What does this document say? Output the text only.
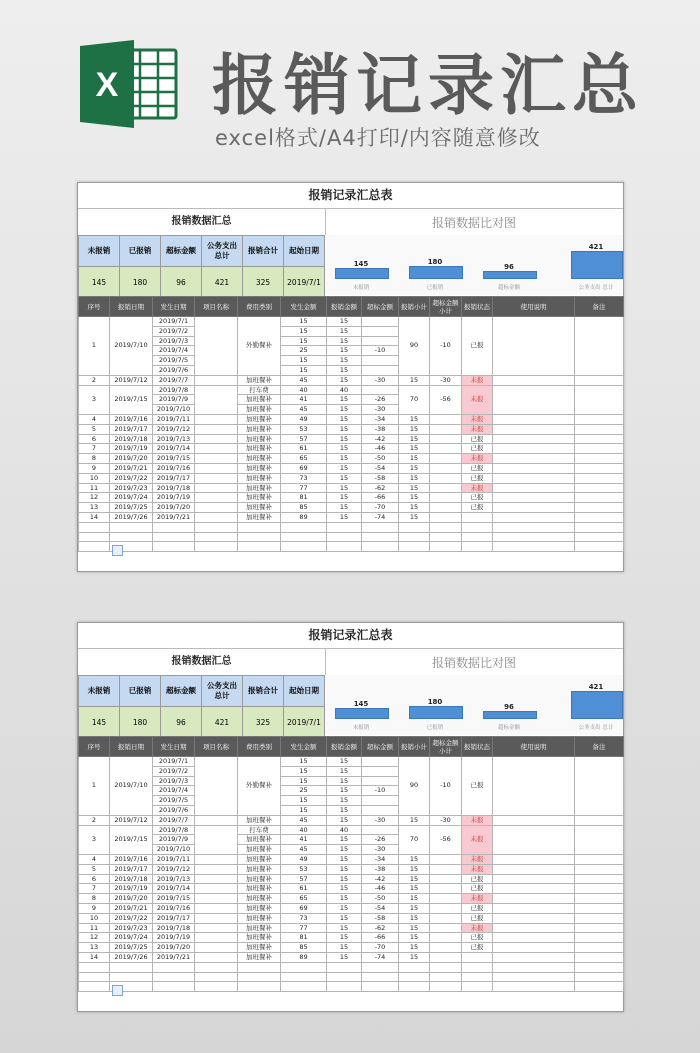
X 报销记录汇总
excel格式/A4打印/内容随意修改
报销记录汇总表
报销数据汇总
未报销	已报销	超标金额	公务支出 总计	报销合计	起始日期
145	180	96	421	325	2019/7/1
报销数据比对图
145
未报销
180
已报销
96
超标金额
421
公务支出 总计
序号	报销日期	发生日期	项目名称	费用类别	发生金额	报销金额	超标金额	报销小计	超标金额小计	报销状态	使用说明	备注
1	2019/7/10	2019/7/1		外勤餐补	15	15		90	-10	已报		
		2019/7/2			15	15						
		2019/7/3			15	15						
		2019/7/4			25	15	-10					
		2019/7/5			15	15						
		2019/7/6			15	15						
2	2019/7/12	2019/7/7		加班餐补	45	15	-30	15	-30	未报		
3	2019/7/15	2019/7/8		打车费	40	40		70	-56	未报		
		2019/7/9		加班餐补	41	15	-26					
		2019/7/10		加班餐补	45	15	-30					
4	2019/7/16	2019/7/11		加班餐补	49	15	-34	15		未报		
5	2019/7/17	2019/7/12		加班餐补	53	15	-38	15		未报		
6	2019/7/18	2019/7/13		加班餐补	57	15	-42	15		已报		
7	2019/7/19	2019/7/14		加班餐补	61	15	-46	15		已报		
8	2019/7/20	2019/7/15		加班餐补	65	15	-50	15		未报		
9	2019/7/21	2019/7/16		加班餐补	69	15	-54	15		已报		
10	2019/7/22	2019/7/17		加班餐补	73	15	-58	15		已报		
11	2019/7/23	2019/7/18		加班餐补	77	15	-62	15		未报		
12	2019/7/24	2019/7/19		加班餐补	81	15	-66	15		已报		
13	2019/7/25	2019/7/20		加班餐补	85	15	-70	15		已报		
14	2019/7/26	2019/7/21		加班餐补	89	15	-74	15				

报销记录汇总表
报销数据汇总
未报销	已报销	超标金额	公务支出 总计	报销合计	起始日期
145	180	96	421	325	2019/7/1
报销数据比对图
145
未报销
180
已报销
96
超标金额
421
公务支出 总计
序号	报销日期	发生日期	项目名称	费用类别	发生金额	报销金额	超标金额	报销小计	超标金额小计	报销状态	使用说明	备注
1	2019/7/10	2019/7/1		外勤餐补	15	15		90	-10	已报		
		2019/7/2			15	15						
		2019/7/3			15	15						
		2019/7/4			25	15	-10					
		2019/7/5			15	15						
		2019/7/6			15	15						
2	2019/7/12	2019/7/7		加班餐补	45	15	-30	15	-30	未报		
3	2019/7/15	2019/7/8		打车费	40	40		70	-56	未报		
		2019/7/9		加班餐补	41	15	-26					
		2019/7/10		加班餐补	45	15	-30					
4	2019/7/16	2019/7/11		加班餐补	49	15	-34	15		未报		
5	2019/7/17	2019/7/12		加班餐补	53	15	-38	15		未报		
6	2019/7/18	2019/7/13		加班餐补	57	15	-42	15		已报		
7	2019/7/19	2019/7/14		加班餐补	61	15	-46	15		已报		
8	2019/7/20	2019/7/15		加班餐补	65	15	-50	15		未报		
9	2019/7/21	2019/7/16		加班餐补	69	15	-54	15		已报		
10	2019/7/22	2019/7/17		加班餐补	73	15	-58	15		已报		
11	2019/7/23	2019/7/18		加班餐补	77	15	-62	15		未报		
12	2019/7/24	2019/7/19		加班餐补	81	15	-66	15		已报		
13	2019/7/25	2019/7/20		加班餐补	85	15	-70	15		已报		
14	2019/7/26	2019/7/21		加班餐补	89	15	-74	15				
